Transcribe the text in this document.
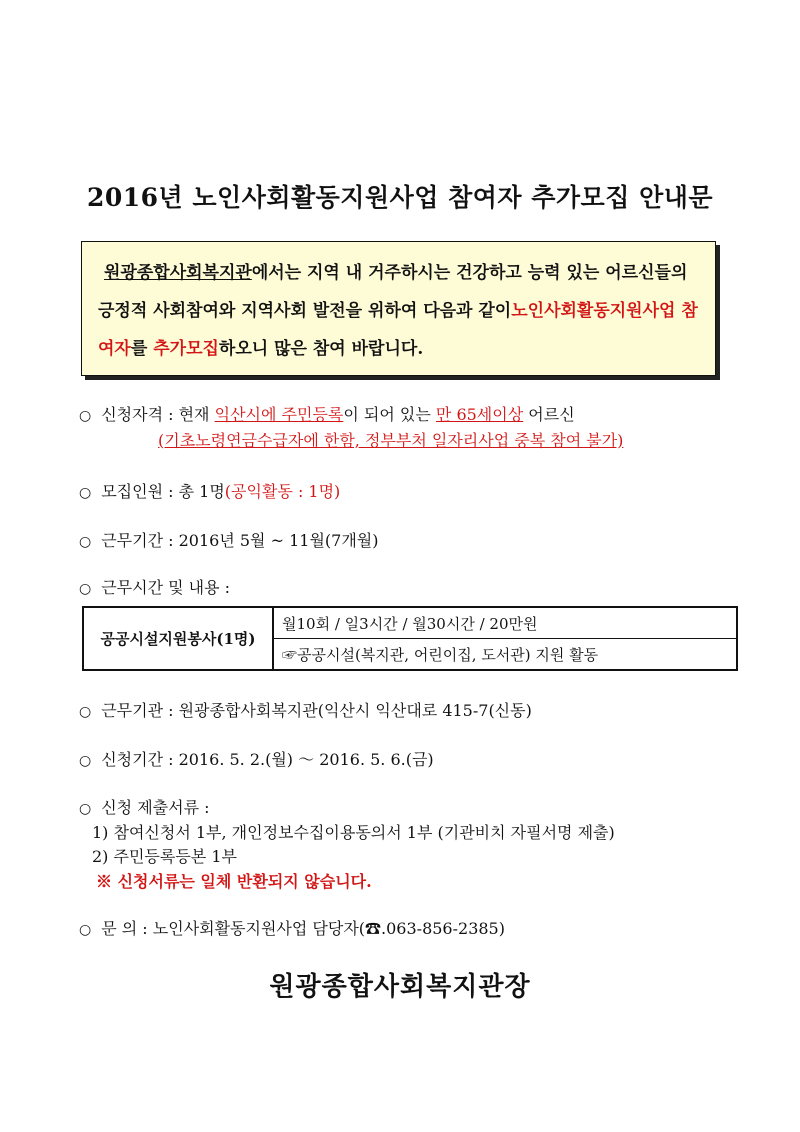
2016년 노인사회활동지원사업 참여자 추가모집 안내문
원광종합사회복지관에서는 지역 내 거주하시는 건강하고 능력 있는 어르신들의 긍정적 사회참여와 지역사회 발전을 위하여 다음과 같이노인사회활동지원사업 참여자를 추가모집하오니 많은 참여 바랍니다.
○ 신청자격 : 현재 익산시에 주민등록이 되어 있는 만 65세이상 어르신
(기초노령연금수급자에 한함, 정부부처 일자리사업 중복 참여 불가)
○ 모집인원 : 총 1명(공익활동 : 1명)
○ 근무기간 : 2016년 5월 ~ 11월(7개월)
○ 근무시간 및 내용 :
공공시설지원봉사(1명)	월10회 / 일3시간 / 월30시간 / 20만원
☞공공시설(복지관, 어린이집, 도서관) 지원 활동
○ 근무기관 : 원광종합사회복지관(익산시 익산대로 415-7(신동)
○ 신청기간 : 2016. 5. 2.(월) ～ 2016. 5. 6.(금)
○ 신청 제출서류 :
1) 참여신청서 1부, 개인정보수집이용동의서 1부 (기관비치 자필서명 제출)
2) 주민등록등본 1부
※ 신청서류는 일체 반환되지 않습니다.
○ 문 의 : 노인사회활동지원사업 담당자(☎.063-856-2385)
원광종합사회복지관장
